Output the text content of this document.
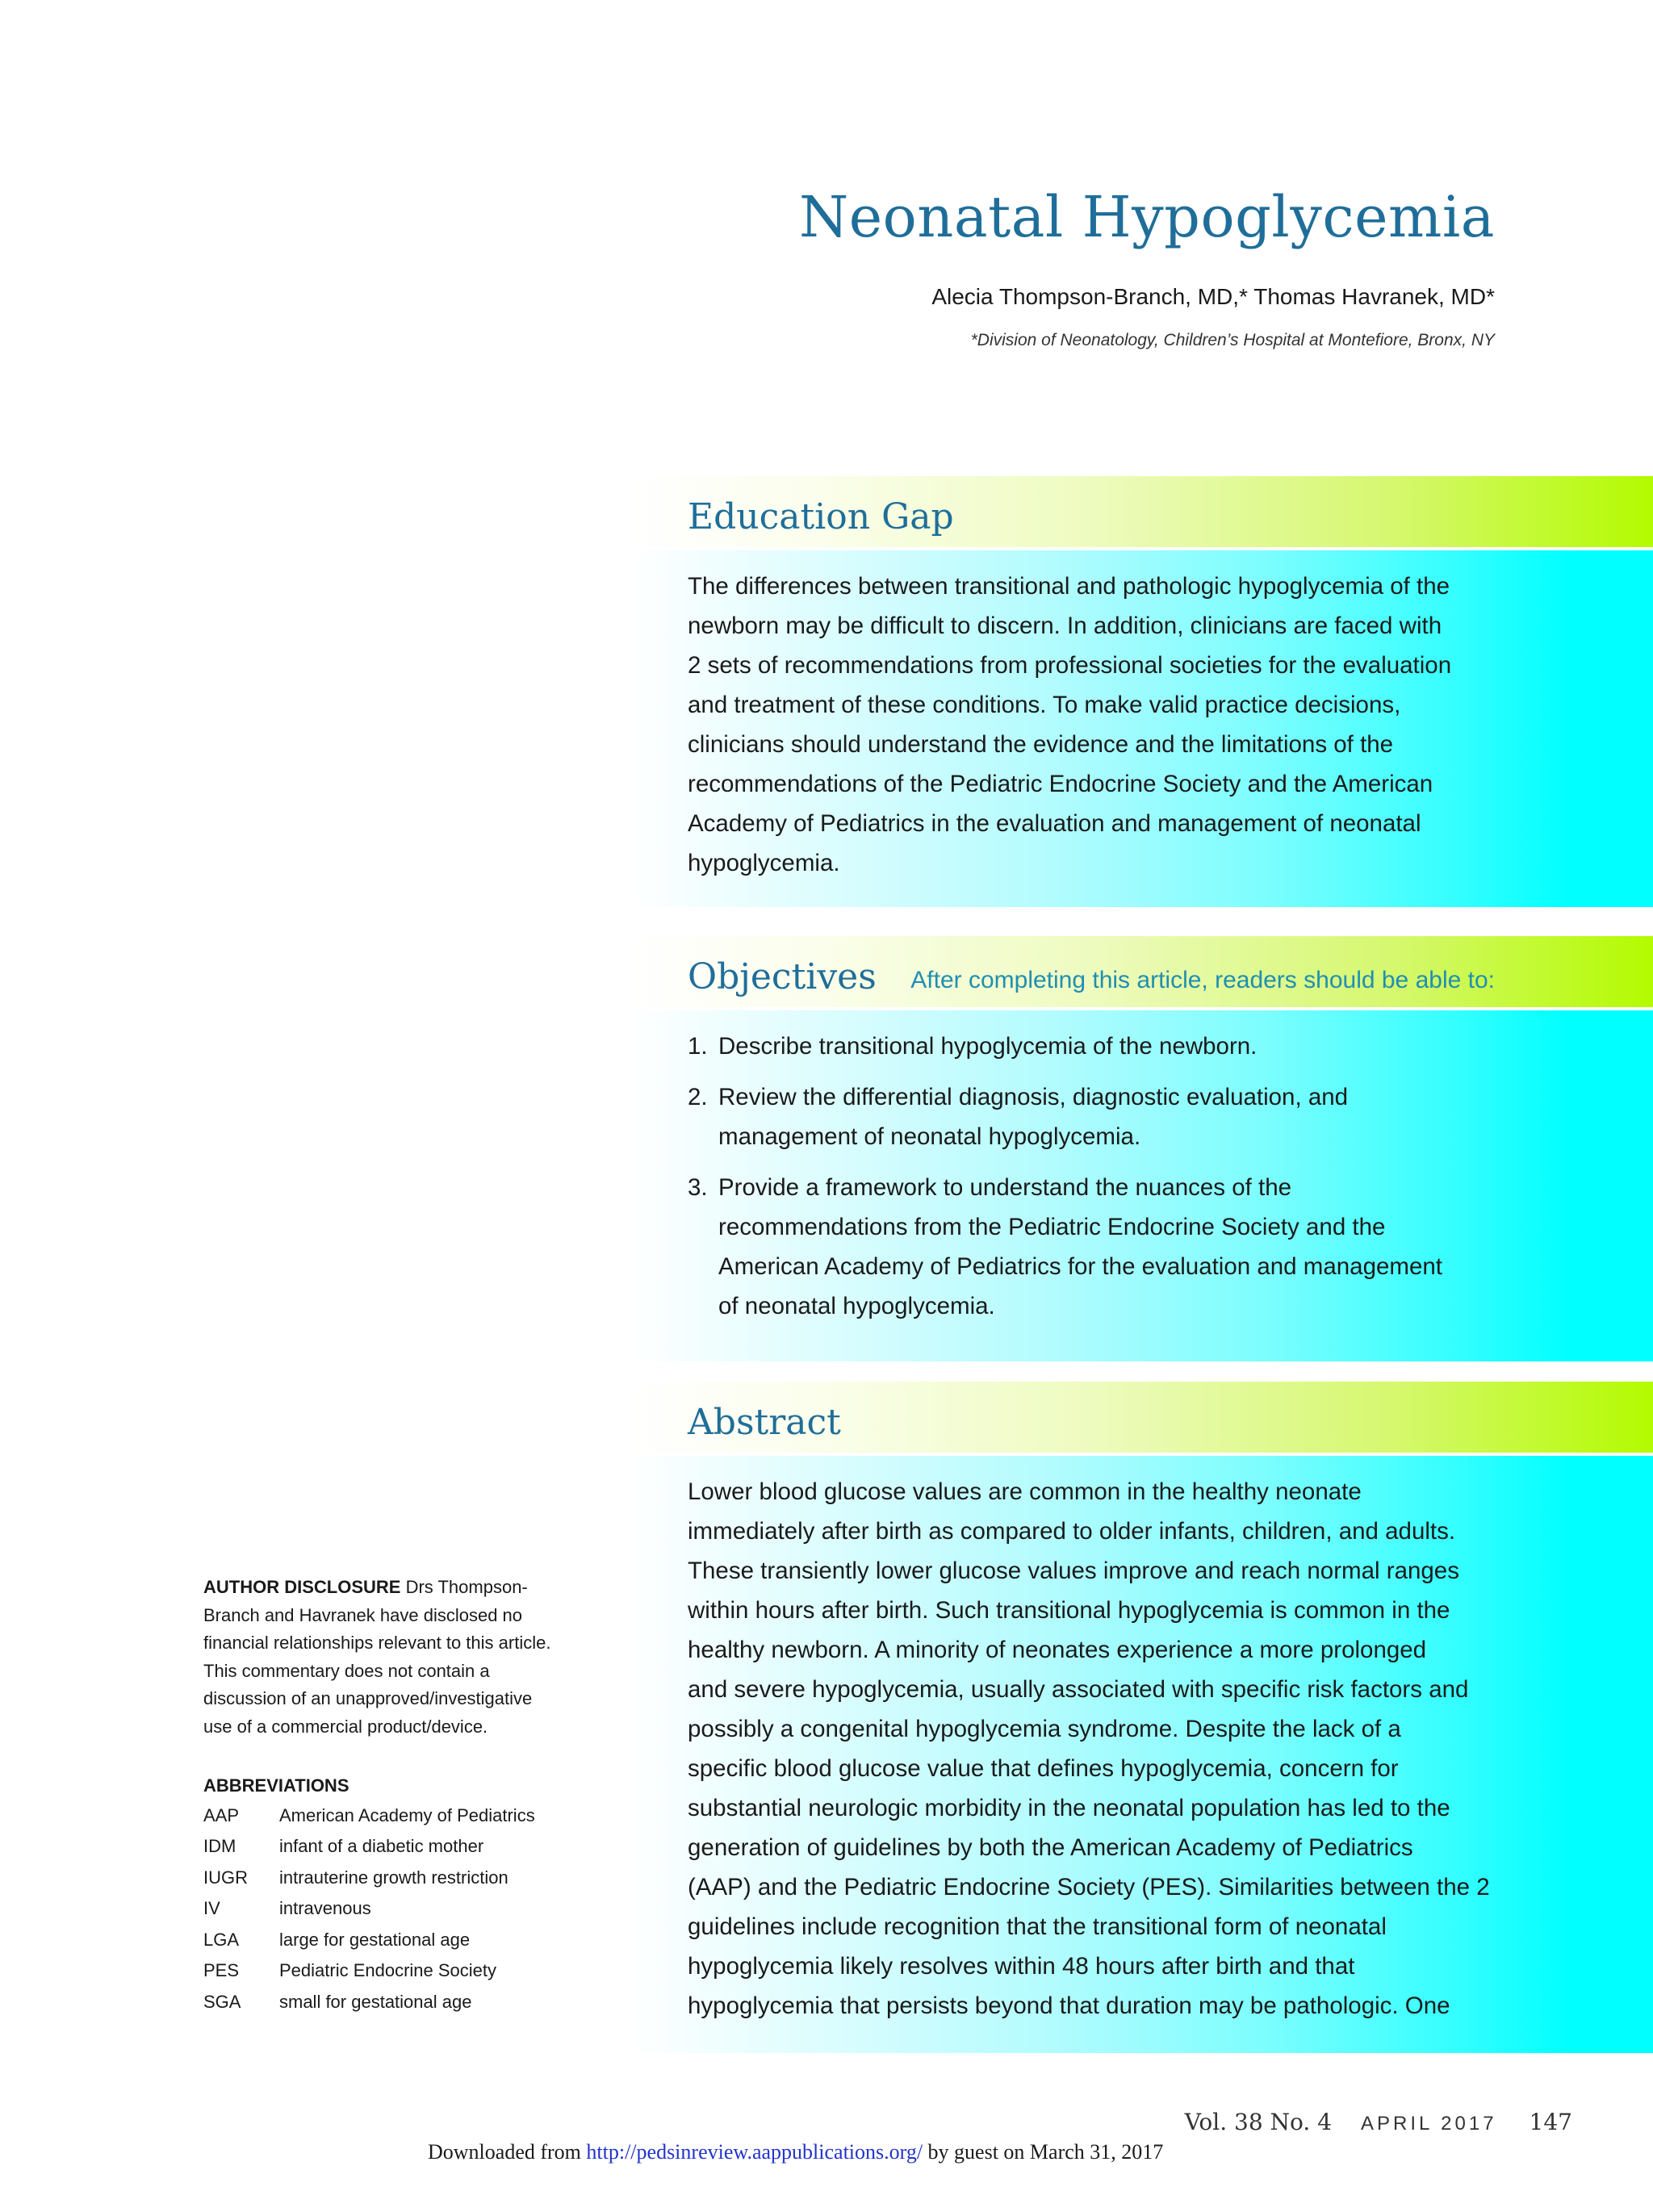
Neonatal Hypoglycemia
Alecia Thompson-Branch, MD,* Thomas Havranek, MD*
*Division of Neonatology, Children’s Hospital at Montefiore, Bronx, NY
Education Gap

The differences between transitional and pathologic hypoglycemia of the
newborn may be difficult to discern. In addition, clinicians are faced with
2 sets of recommendations from professional societies for the evaluation
and treatment of these conditions. To make valid practice decisions,
clinicians should understand the evidence and the limitations of the
recommendations of the Pediatric Endocrine Society and the American
Academy of Pediatrics in the evaluation and management of neonatal
hypoglycemia.

Objectives After completing this article, readers should be able to:
1. Describe transitional hypoglycemia of the newborn.
2. Review the differential diagnosis, diagnostic evaluation, and
management of neonatal hypoglycemia.
3. Provide a framework to understand the nuances of the
recommendations from the Pediatric Endocrine Society and the
American Academy of Pediatrics for the evaluation and management
of neonatal hypoglycemia.
Abstract

Lower blood glucose values are common in the healthy neonate
immediately after birth as compared to older infants, children, and adults.
These transiently lower glucose values improve and reach normal ranges
within hours after birth. Such transitional hypoglycemia is common in the
healthy newborn. A minority of neonates experience a more prolonged
and severe hypoglycemia, usually associated with specific risk factors and
possibly a congenital hypoglycemia syndrome. Despite the lack of a
specific blood glucose value that defines hypoglycemia, concern for
substantial neurologic morbidity in the neonatal population has led to the
generation of guidelines by both the American Academy of Pediatrics
(AAP) and the Pediatric Endocrine Society (PES). Similarities between the 2
guidelines include recognition that the transitional form of neonatal
hypoglycemia likely resolves within 48 hours after birth and that
hypoglycemia that persists beyond that duration may be pathologic. One

AUTHOR DISCLOSURE Drs Thompson-
Branch and Havranek have disclosed no
financial relationships relevant to this article.
This commentary does not contain a
discussion of an unapproved/investigative
use of a commercial product/device.
ABBREVIATIONS
AAP	American Academy of Pediatrics
IDM	infant of a diabetic mother
IUGR	intrauterine growth restriction
IV	intravenous
LGA	large for gestational age
PES	Pediatric Endocrine Society
SGA	small for gestational age
Vol. 38 No. 4 APRIL 2017 147
Downloaded from http://pedsinreview.aappublications.org/ by guest on March 31, 2017
